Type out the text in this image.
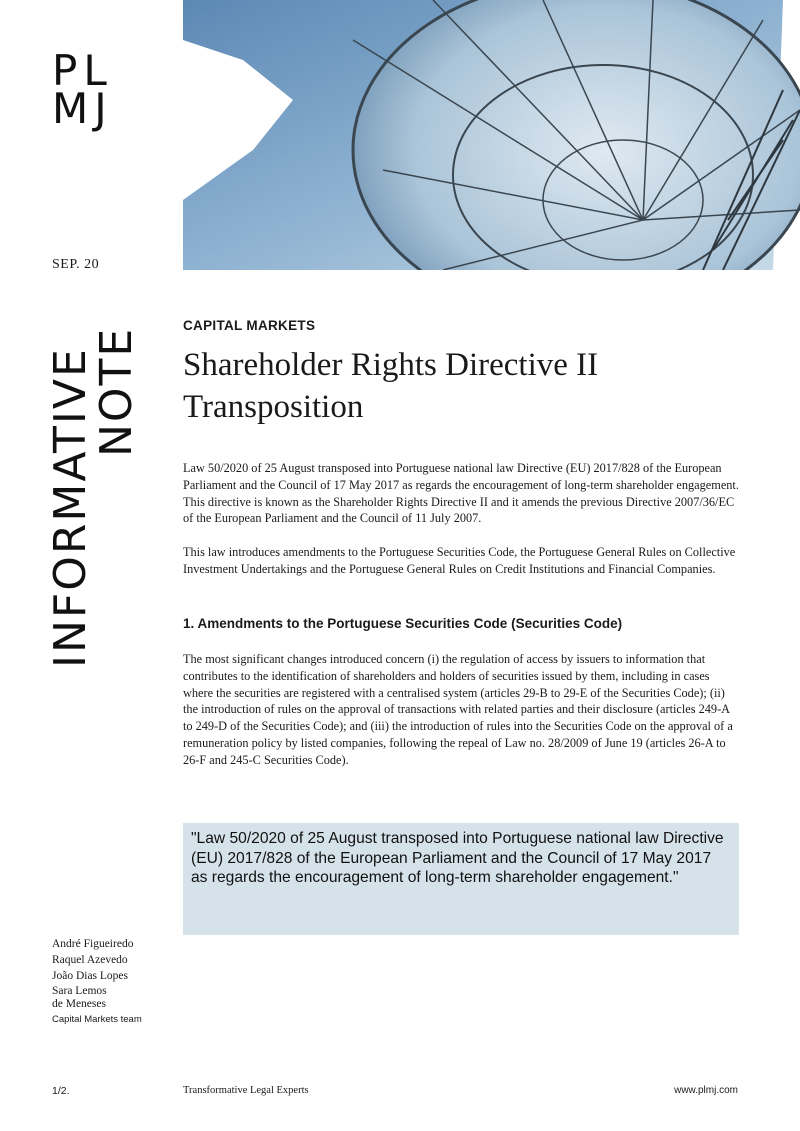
PL
MJ
SEP. 20
INFORMATIVE
NOTE
CAPITAL MARKETS
Shareholder Rights Directive II
Transposition
Law 50/2020 of 25 August transposed into Portuguese national law Directive (EU) 2017/828 of the European Parliament and the Council of 17 May 2017 as regards the encouragement of long-term shareholder engagement. This directive is known as the Shareholder Rights Directive II and it amends the previous Directive 2007/36/EC of the European Parliament and the Council of 11 July 2007.
This law introduces amendments to the Portuguese Securities Code, the Portuguese General Rules on Collective Investment Undertakings and the Portuguese General Rules on Credit Institutions and Financial Companies.
1. Amendments to the Portuguese Securities Code (Securities Code)
The most significant changes introduced concern (i) the regulation of access by issuers to information that contributes to the identification of shareholders and holders of securities issued by them, including in cases where the securities are registered with a centralised system (articles 29-B to 29-E of the Securities Code); (ii) the introduction of rules on the approval of transactions with related parties and their disclosure (articles 249-A to 249-D of the Securities Code); and (iii) the introduction of rules into the Securities Code on the approval of a remuneration policy by listed companies, following the repeal of Law no. 28/2009 of June 19 (articles 26-A to 26-F and 245-C Securities Code).

"Law 50/2020 of 25 August transposed into Portuguese national law Directive (EU) 2017/828 of the European Parliament and the Council of 17 May 2017 as regards the encouragement of long-term shareholder engagement."

André Figueiredo
Raquel Azevedo
João Dias Lopes
Sara Lemos
de Meneses
Capital Markets team
1/2.	Transformative Legal Experts	www.plmj.com
